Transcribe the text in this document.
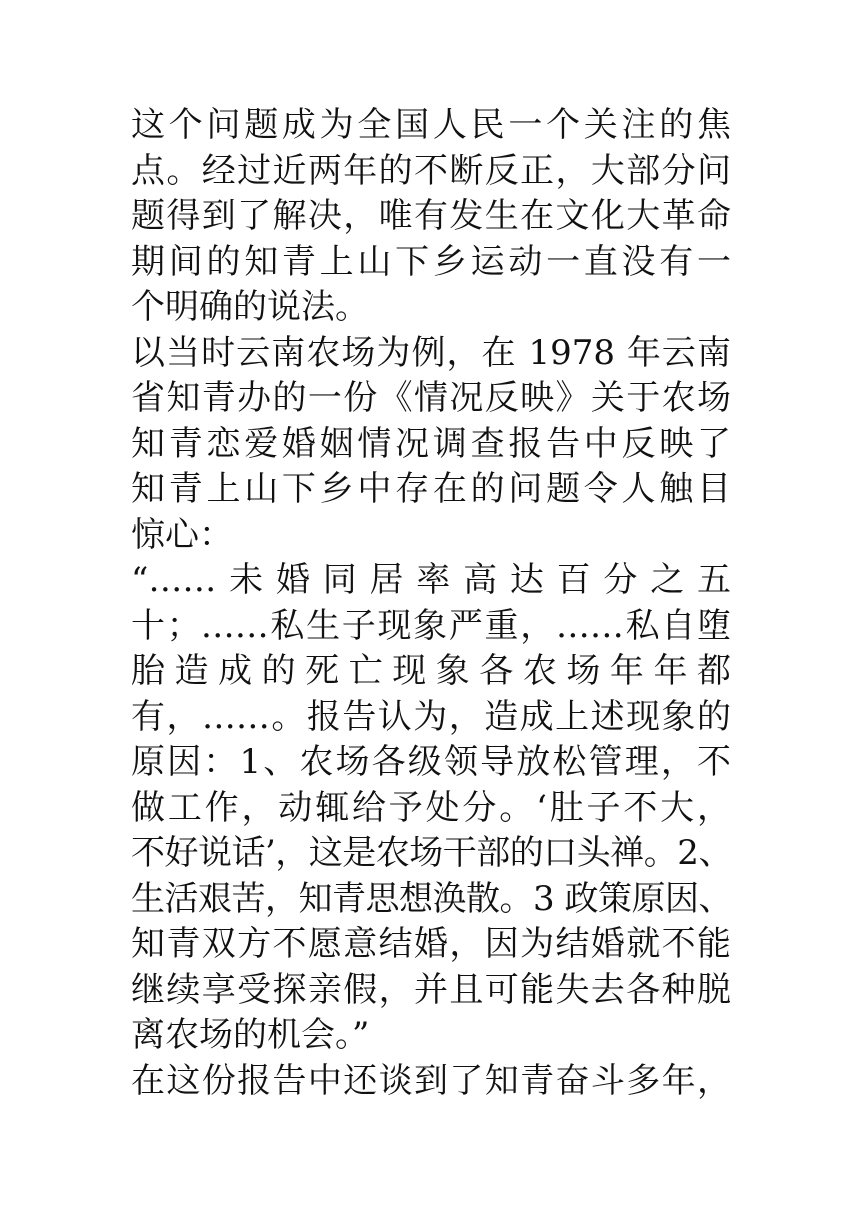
这个问题成为全国人民一个关注的焦
点。经过近两年的不断反正，大部分问
题得到了解决，唯有发生在文化大革命
期间的知青上山下乡运动一直没有一
个明确的说法。
以当时云南农场为例，在 1978 年云南
省知青办的一份《情况反映》关于农场
知青恋爱婚姻情况调查报告中反映了
知青上山下乡中存在的问题令人触目
惊心：
“……未婚同居率高达百分之五
十；……私生子现象严重，……私自堕
胎造成的死亡现象各农场年年都
有，……。报告认为，造成上述现象的
原因：1、农场各级领导放松管理，不
做工作，动辄给予处分。‘肚子不大，
不好说话’，这是农场干部的口头禅。2、
生活艰苦，知青思想涣散。3 政策原因、
知青双方不愿意结婚，因为结婚就不能
继续享受探亲假，并且可能失去各种脱
离农场的机会。”
在这份报告中还谈到了知青奋斗多年，
